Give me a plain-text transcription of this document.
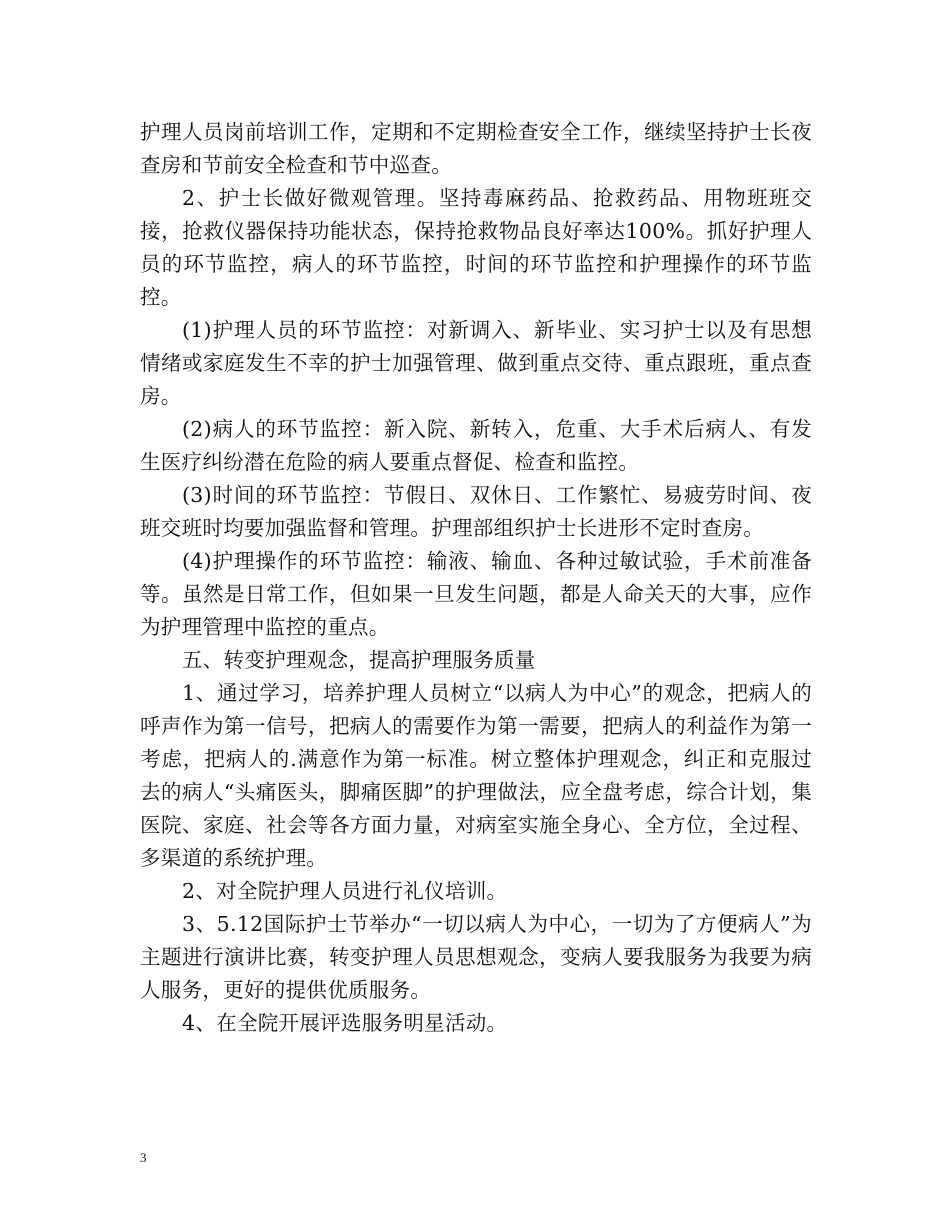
护理人员岗前培训工作，定期和不定期检查安全工作，继续坚持护士长夜查房和节前安全检查和节中巡查。

2、护士长做好微观管理。坚持毒麻药品、抢救药品、用物班班交接，抢救仪器保持功能状态，保持抢救物品良好率达100%。抓好护理人员的环节监控，病人的环节监控，时间的环节监控和护理操作的环节监控。

(1)护理人员的环节监控：对新调入、新毕业、实习护士以及有思想情绪或家庭发生不幸的护士加强管理、做到重点交待、重点跟班，重点查房。

(2)病人的环节监控：新入院、新转入，危重、大手术后病人、有发生医疗纠纷潜在危险的病人要重点督促、检查和监控。

(3)时间的环节监控：节假日、双休日、工作繁忙、易疲劳时间、夜班交班时均要加强监督和管理。护理部组织护士长进形不定时查房。

(4)护理操作的环节监控：输液、输血、各种过敏试验，手术前准备等。虽然是日常工作，但如果一旦发生问题，都是人命关天的大事，应作为护理管理中监控的重点。

五、转变护理观念，提高护理服务质量

1、通过学习，培养护理人员树立“以病人为中心”的观念，把病人的呼声作为第一信号，把病人的需要作为第一需要，把病人的利益作为第一考虑，把病人的.满意作为第一标准。树立整体护理观念，纠正和克服过去的病人“头痛医头，脚痛医脚”的护理做法，应全盘考虑，综合计划，集医院、家庭、社会等各方面力量，对病室实施全身心、全方位，全过程、多渠道的系统护理。

2、对全院护理人员进行礼仪培训。

3、5.12国际护士节举办“一切以病人为中心，一切为了方便病人”为主题进行演讲比赛，转变护理人员思想观念，变病人要我服务为我要为病人服务，更好的提供优质服务。

4、在全院开展评选服务明星活动。

3
